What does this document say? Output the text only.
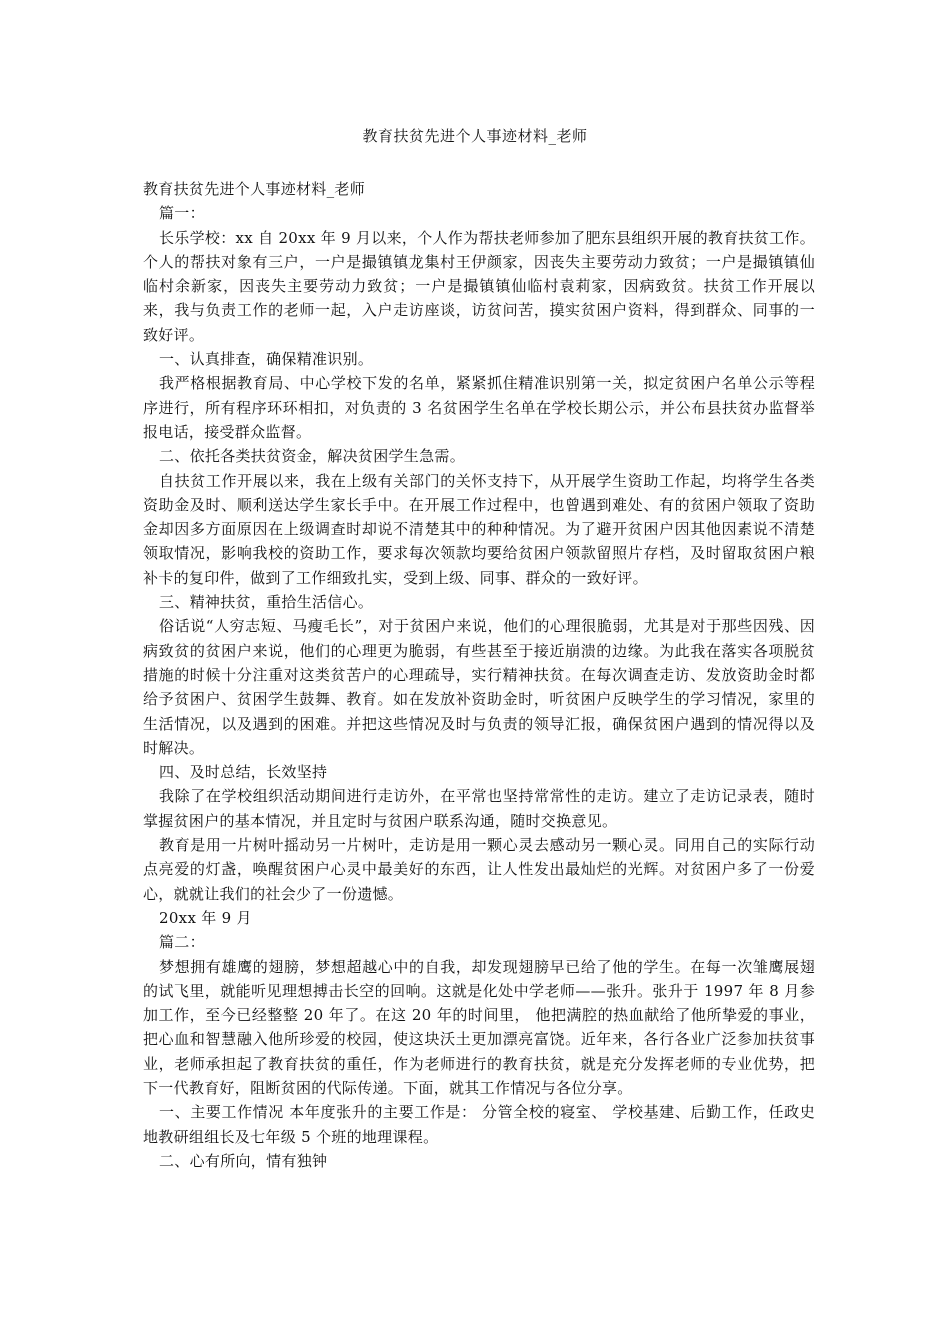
教育扶贫先进个人事迹材料_老师

教育扶贫先进个人事迹材料_老师

篇一：

长乐学校：xx 自 20xx 年 9 月以来，个人作为帮扶老师参加了肥东县组织开展的教育扶贫工作。个人的帮扶对象有三户，一户是撮镇镇龙集村王伊颜家，因丧失主要劳动力致贫；一户是撮镇镇仙临村余新家，因丧失主要劳动力致贫；一户是撮镇镇仙临村袁莉家，因病致贫。扶贫工作开展以来，我与负责工作的老师一起，入户走访座谈，访贫问苦，摸实贫困户资料，得到群众、同事的一致好评。

一、认真排查，确保精准识别。

我严格根据教育局、中心学校下发的名单，紧紧抓住精准识别第一关，拟定贫困户名单公示等程序进行，所有程序环环相扣，对负责的 3 名贫困学生名单在学校长期公示，并公布县扶贫办监督举报电话，接受群众监督。

二、依托各类扶贫资金，解决贫困学生急需。

自扶贫工作开展以来，我在上级有关部门的关怀支持下，从开展学生资助工作起，均将学生各类资助金及时、顺利送达学生家长手中。在开展工作过程中，也曾遇到难处、有的贫困户领取了资助金却因多方面原因在上级调查时却说不清楚其中的种种情况。为了避开贫困户因其他因素说不清楚领取情况，影响我校的资助工作，要求每次领款均要给贫困户领款留照片存档，及时留取贫困户粮补卡的复印件，做到了工作细致扎实，受到上级、同事、群众的一致好评。

三、精神扶贫，重拾生活信心。

俗话说“人穷志短、马瘦毛长”，对于贫困户来说，他们的心理很脆弱，尤其是对于那些因残、因病致贫的贫困户来说，他们的心理更为脆弱，有些甚至于接近崩溃的边缘。为此我在落实各项脱贫措施的时候十分注重对这类贫苦户的心理疏导，实行精神扶贫。在每次调查走访、发放资助金时都给予贫困户、贫困学生鼓舞、教育。如在发放补资助金时，听贫困户反映学生的学习情况，家里的生活情况，以及遇到的困难。并把这些情况及时与负责的领导汇报，确保贫困户遇到的情况得以及时解决。

四、及时总结，长效坚持

我除了在学校组织活动期间进行走访外，在平常也坚持常常性的走访。建立了走访记录表，随时掌握贫困户的基本情况，并且定时与贫困户联系沟通，随时交换意见。

教育是用一片树叶摇动另一片树叶，走访是用一颗心灵去感动另一颗心灵。同用自己的实际行动点亮爱的灯盏，唤醒贫困户心灵中最美好的东西，让人性发出最灿烂的光辉。对贫困户多了一份爱心，就就让我们的社会少了一份遗憾。

20xx 年 9 月

篇二：

梦想拥有雄鹰的翅膀，梦想超越心中的自我，却发现翅膀早已给了他的学生。在每一次雏鹰展翅的试飞里，就能听见理想搏击长空的回响。这就是化处中学老师——张升。张升于 1997 年 8 月参加工作，至今已经整整 20 年了。在这 20 年的时间里， 他把满腔的热血献给了他所挚爱的事业，把心血和智慧融入他所珍爱的校园，使这块沃土更加漂亮富饶。近年来，各行各业广泛参加扶贫事业，老师承担起了教育扶贫的重任，作为老师进行的教育扶贫，就是充分发挥老师的专业优势，把下一代教育好，阻断贫困的代际传递。下面，就其工作情况与各位分享。

一、主要工作情况 本年度张升的主要工作是： 分管全校的寝室、 学校基建、后勤工作，任政史地教研组组长及七年级 5 个班的地理课程。

二、心有所向，情有独钟
